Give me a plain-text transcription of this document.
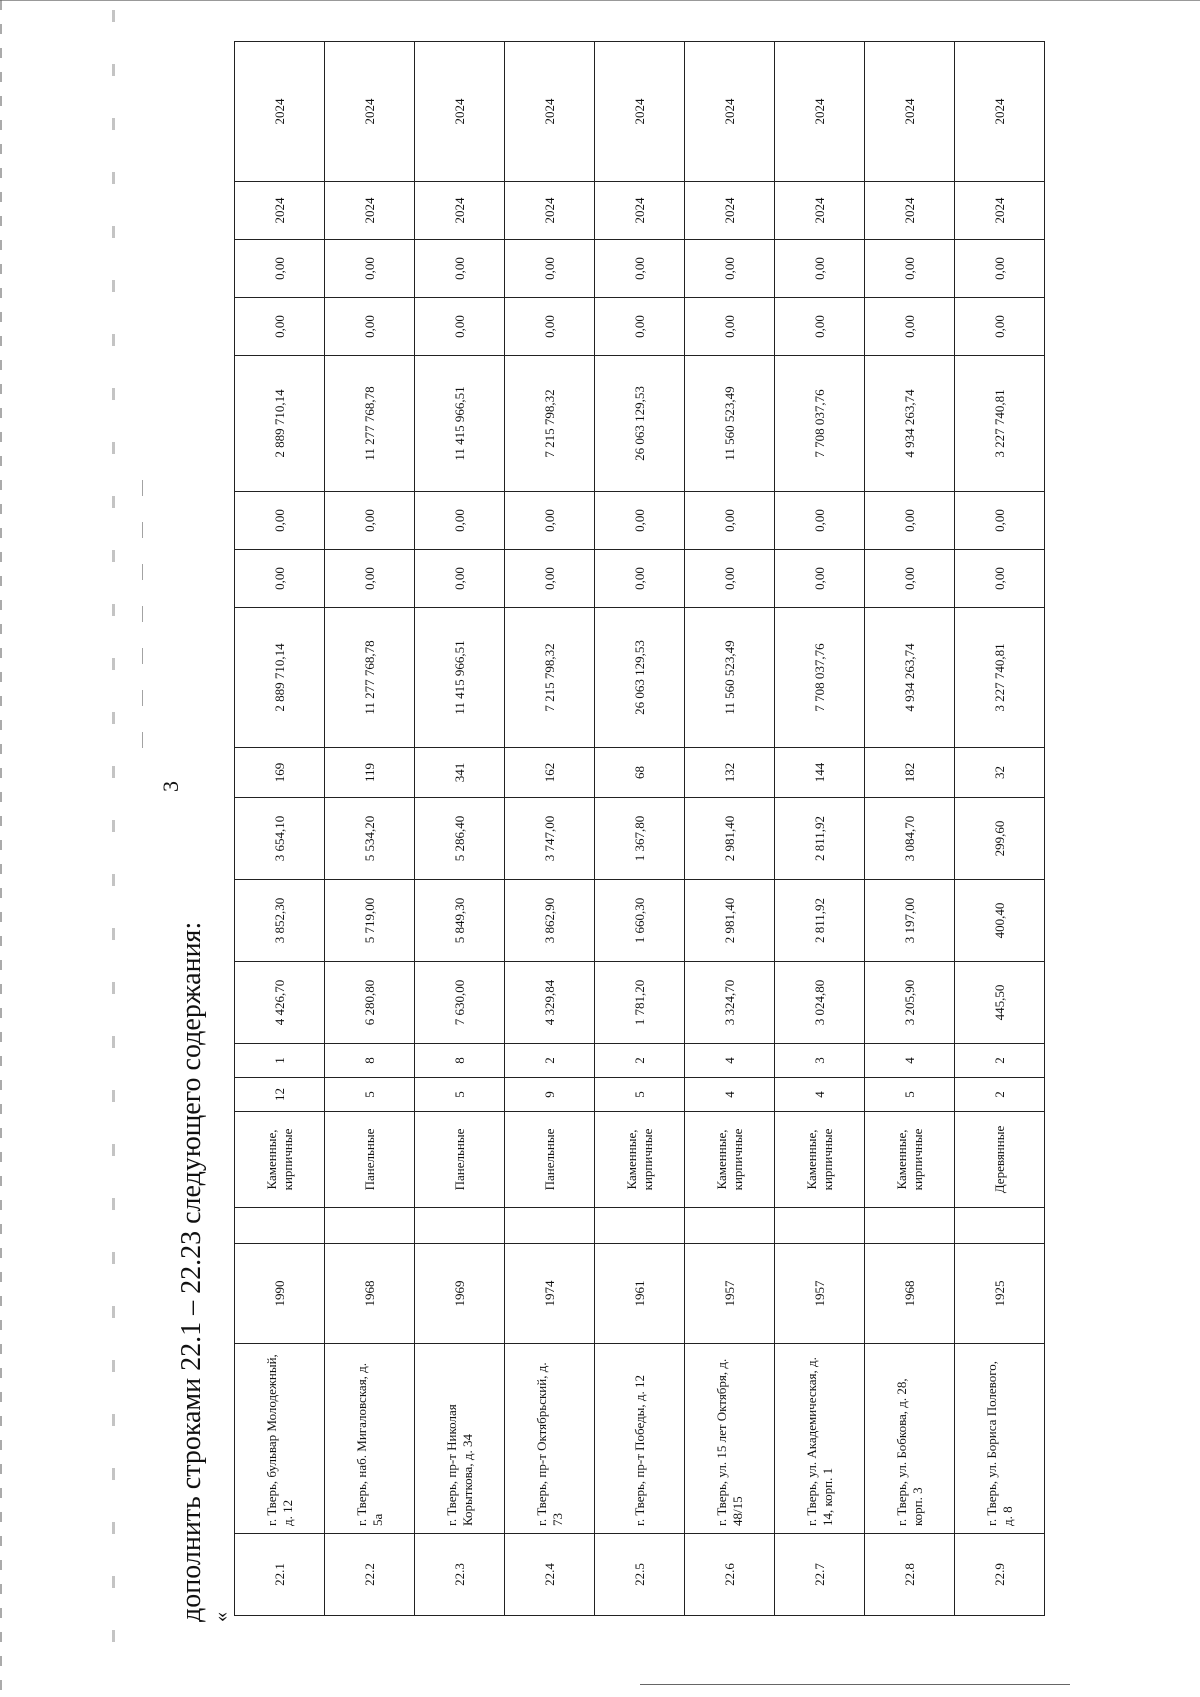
3
дополнить строками 22.1 – 22.23 следующего содержания: «
22.1	г. Тверь, бульвар Молодежный, д. 12	1990		Каменные, кирпичные	12	1	4 426,70	3 852,30	3 654,10	169	2 889 710,14	0,00	0,00	2 889 710,14	0,00	0,00	2024	2024
22.2	г. Тверь, наб. Мигаловская, д. 5а	1968		Панельные	5	8	6 280,80	5 719,00	5 534,20	119	11 277 768,78	0,00	0,00	11 277 768,78	0,00	0,00	2024	2024
22.3	г. Тверь, пр-т Николая Корыткова, д. 34	1969		Панельные	5	8	7 630,00	5 849,30	5 286,40	341	11 415 966,51	0,00	0,00	11 415 966,51	0,00	0,00	2024	2024
22.4	г. Тверь, пр-т Октябрьский, д. 73	1974		Панельные	9	2	4 329,84	3 862,90	3 747,00	162	7 215 798,32	0,00	0,00	7 215 798,32	0,00	0,00	2024	2024
22.5	г. Тверь, пр-т Победы, д. 12	1961		Каменные, кирпичные	5	2	1 781,20	1 660,30	1 367,80	68	26 063 129,53	0,00	0,00	26 063 129,53	0,00	0,00	2024	2024
22.6	г. Тверь, ул. 15 лет Октября, д. 48/15	1957		Каменные, кирпичные	4	4	3 324,70	2 981,40	2 981,40	132	11 560 523,49	0,00	0,00	11 560 523,49	0,00	0,00	2024	2024
22.7	г. Тверь, ул. Академическая, д. 14, корп. 1	1957		Каменные, кирпичные	4	3	3 024,80	2 811,92	2 811,92	144	7 708 037,76	0,00	0,00	7 708 037,76	0,00	0,00	2024	2024
22.8	г. Тверь, ул. Бобкова, д. 28, корп. 3	1968		Каменные, кирпичные	5	4	3 205,90	3 197,00	3 084,70	182	4 934 263,74	0,00	0,00	4 934 263,74	0,00	0,00	2024	2024
22.9	г. Тверь, ул. Бориса Полевого, д. 8	1925		Деревянные	2	2	445,50	400,40	299,60	32	3 227 740,81	0,00	0,00	3 227 740,81	0,00	0,00	2024	2024
